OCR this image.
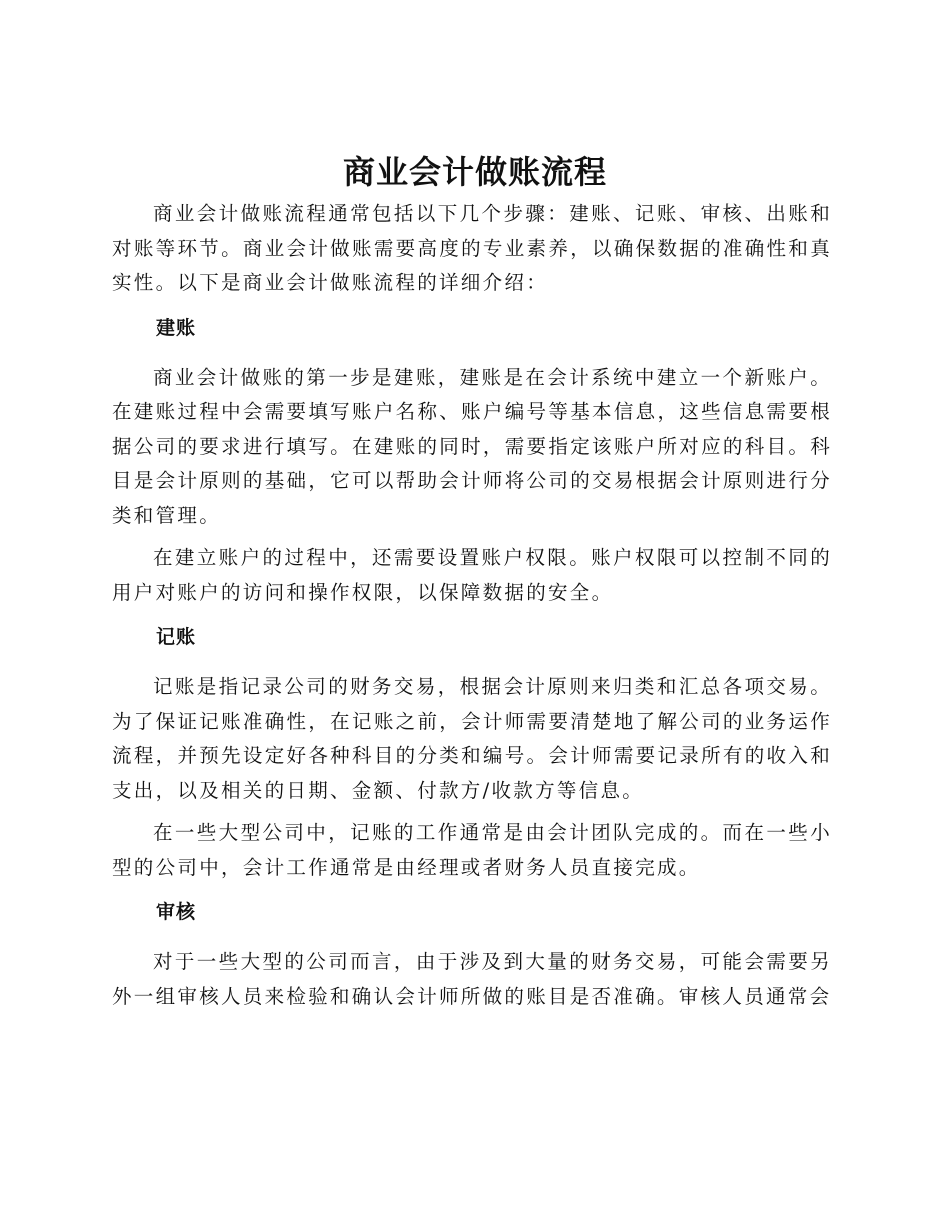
商业会计做账流程

商业会计做账流程通常包括以下几个步骤：建账、记账、审核、出账和对账等环节。商业会计做账需要高度的专业素养，以确保数据的准确性和真实性。以下是商业会计做账流程的详细介绍：

建账

商业会计做账的第一步是建账，建账是在会计系统中建立一个新账户。在建账过程中会需要填写账户名称、账户编号等基本信息，这些信息需要根据公司的要求进行填写。在建账的同时，需要指定该账户所对应的科目。科目是会计原则的基础，它可以帮助会计师将公司的交易根据会计原则进行分类和管理。

在建立账户的过程中，还需要设置账户权限。账户权限可以控制不同的用户对账户的访问和操作权限，以保障数据的安全。

记账

记账是指记录公司的财务交易，根据会计原则来归类和汇总各项交易。为了保证记账准确性，在记账之前，会计师需要清楚地了解公司的业务运作流程，并预先设定好各种科目的分类和编号。会计师需要记录所有的收入和支出，以及相关的日期、金额、付款方/收款方等信息。

在一些大型公司中，记账的工作通常是由会计团队完成的。而在一些小型的公司中，会计工作通常是由经理或者财务人员直接完成。

审核

对于一些大型的公司而言，由于涉及到大量的财务交易，可能会需要另外一组审核人员来检验和确认会计师所做的账目是否准确。审核人员通常会
